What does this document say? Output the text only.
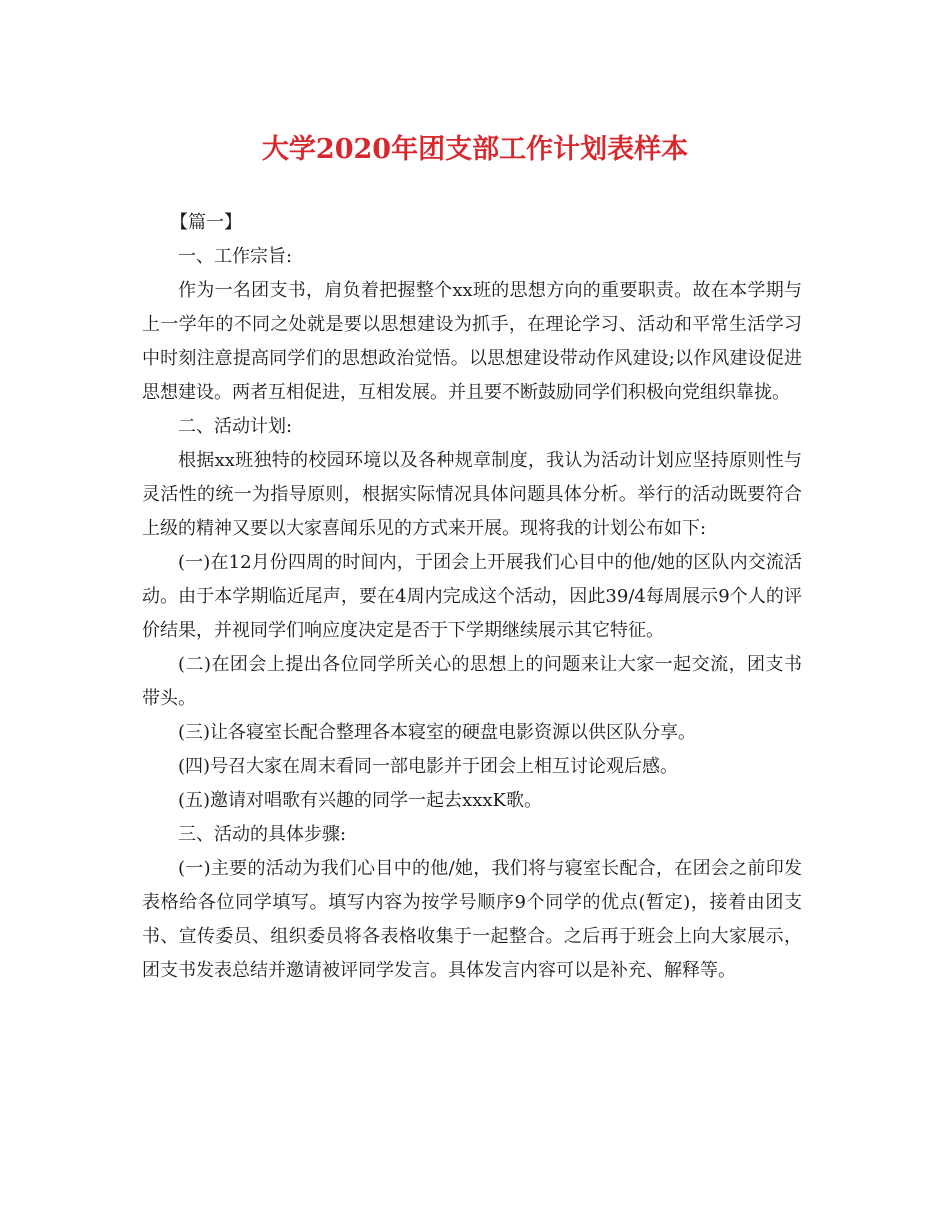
大学2020年团支部工作计划表样本

【篇一】

一、工作宗旨:

作为一名团支书，肩负着把握整个xx班的思想方向的重要职责。故在本学期与上一学年的不同之处就是要以思想建设为抓手，在理论学习、活动和平常生活学习中时刻注意提高同学们的思想政治觉悟。以思想建设带动作风建设;以作风建设促进思想建设。两者互相促进，互相发展。并且要不断鼓励同学们积极向党组织靠拢。

二、活动计划:

根据xx班独特的校园环境以及各种规章制度，我认为活动计划应坚持原则性与灵活性的统一为指导原则，根据实际情况具体问题具体分析。举行的活动既要符合上级的精神又要以大家喜闻乐见的方式来开展。现将我的计划公布如下:

(一)在12月份四周的时间内，于团会上开展我们心目中的他/她的区队内交流活动。由于本学期临近尾声，要在4周内完成这个活动，因此39/4每周展示9个人的评价结果，并视同学们响应度决定是否于下学期继续展示其它特征。

(二)在团会上提出各位同学所关心的思想上的问题来让大家一起交流，团支书带头。

(三)让各寝室长配合整理各本寝室的硬盘电影资源以供区队分享。

(四)号召大家在周末看同一部电影并于团会上相互讨论观后感。

(五)邀请对唱歌有兴趣的同学一起去xxxK歌。

三、活动的具体步骤:

(一)主要的活动为我们心目中的他/她，我们将与寝室长配合，在团会之前印发表格给各位同学填写。填写内容为按学号顺序9个同学的优点(暂定)，接着由团支书、宣传委员、组织委员将各表格收集于一起整合。之后再于班会上向大家展示，团支书发表总结并邀请被评同学发言。具体发言内容可以是补充、解释等。
